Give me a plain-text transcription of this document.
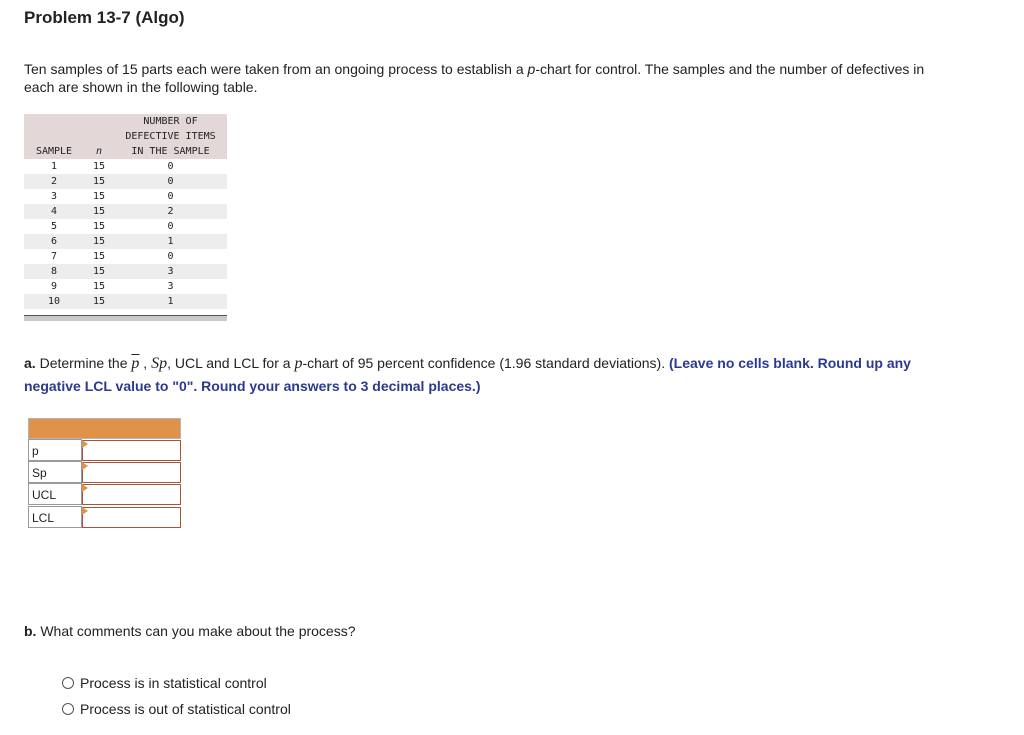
Problem 13-7 (Algo)
Ten samples of 15 parts each were taken from an ongoing process to establish a p-chart for control. The samples and the number of defectives in each are shown in the following table.
SAMPLE	n	NUMBER OF
DEFECTIVE ITEMS
IN THE SAMPLE

1	15	0
2	15	0
3	15	0
4	15	2
5	15	0
6	15	1
7	15	0
8	15	3
9	15	3
10	15	1
a. Determine the $\overline{p}$ , Sp, UCL and LCL for a p-chart of 95 percent confidence (1.96 standard deviations). (Leave no cells blank. Round up any negative LCL value to "0". Round your answers to 3 decimal places.)
p
Sp
UCL
LCL
b. What comments can you make about the process?
Process is in statistical control
Process is out of statistical control
